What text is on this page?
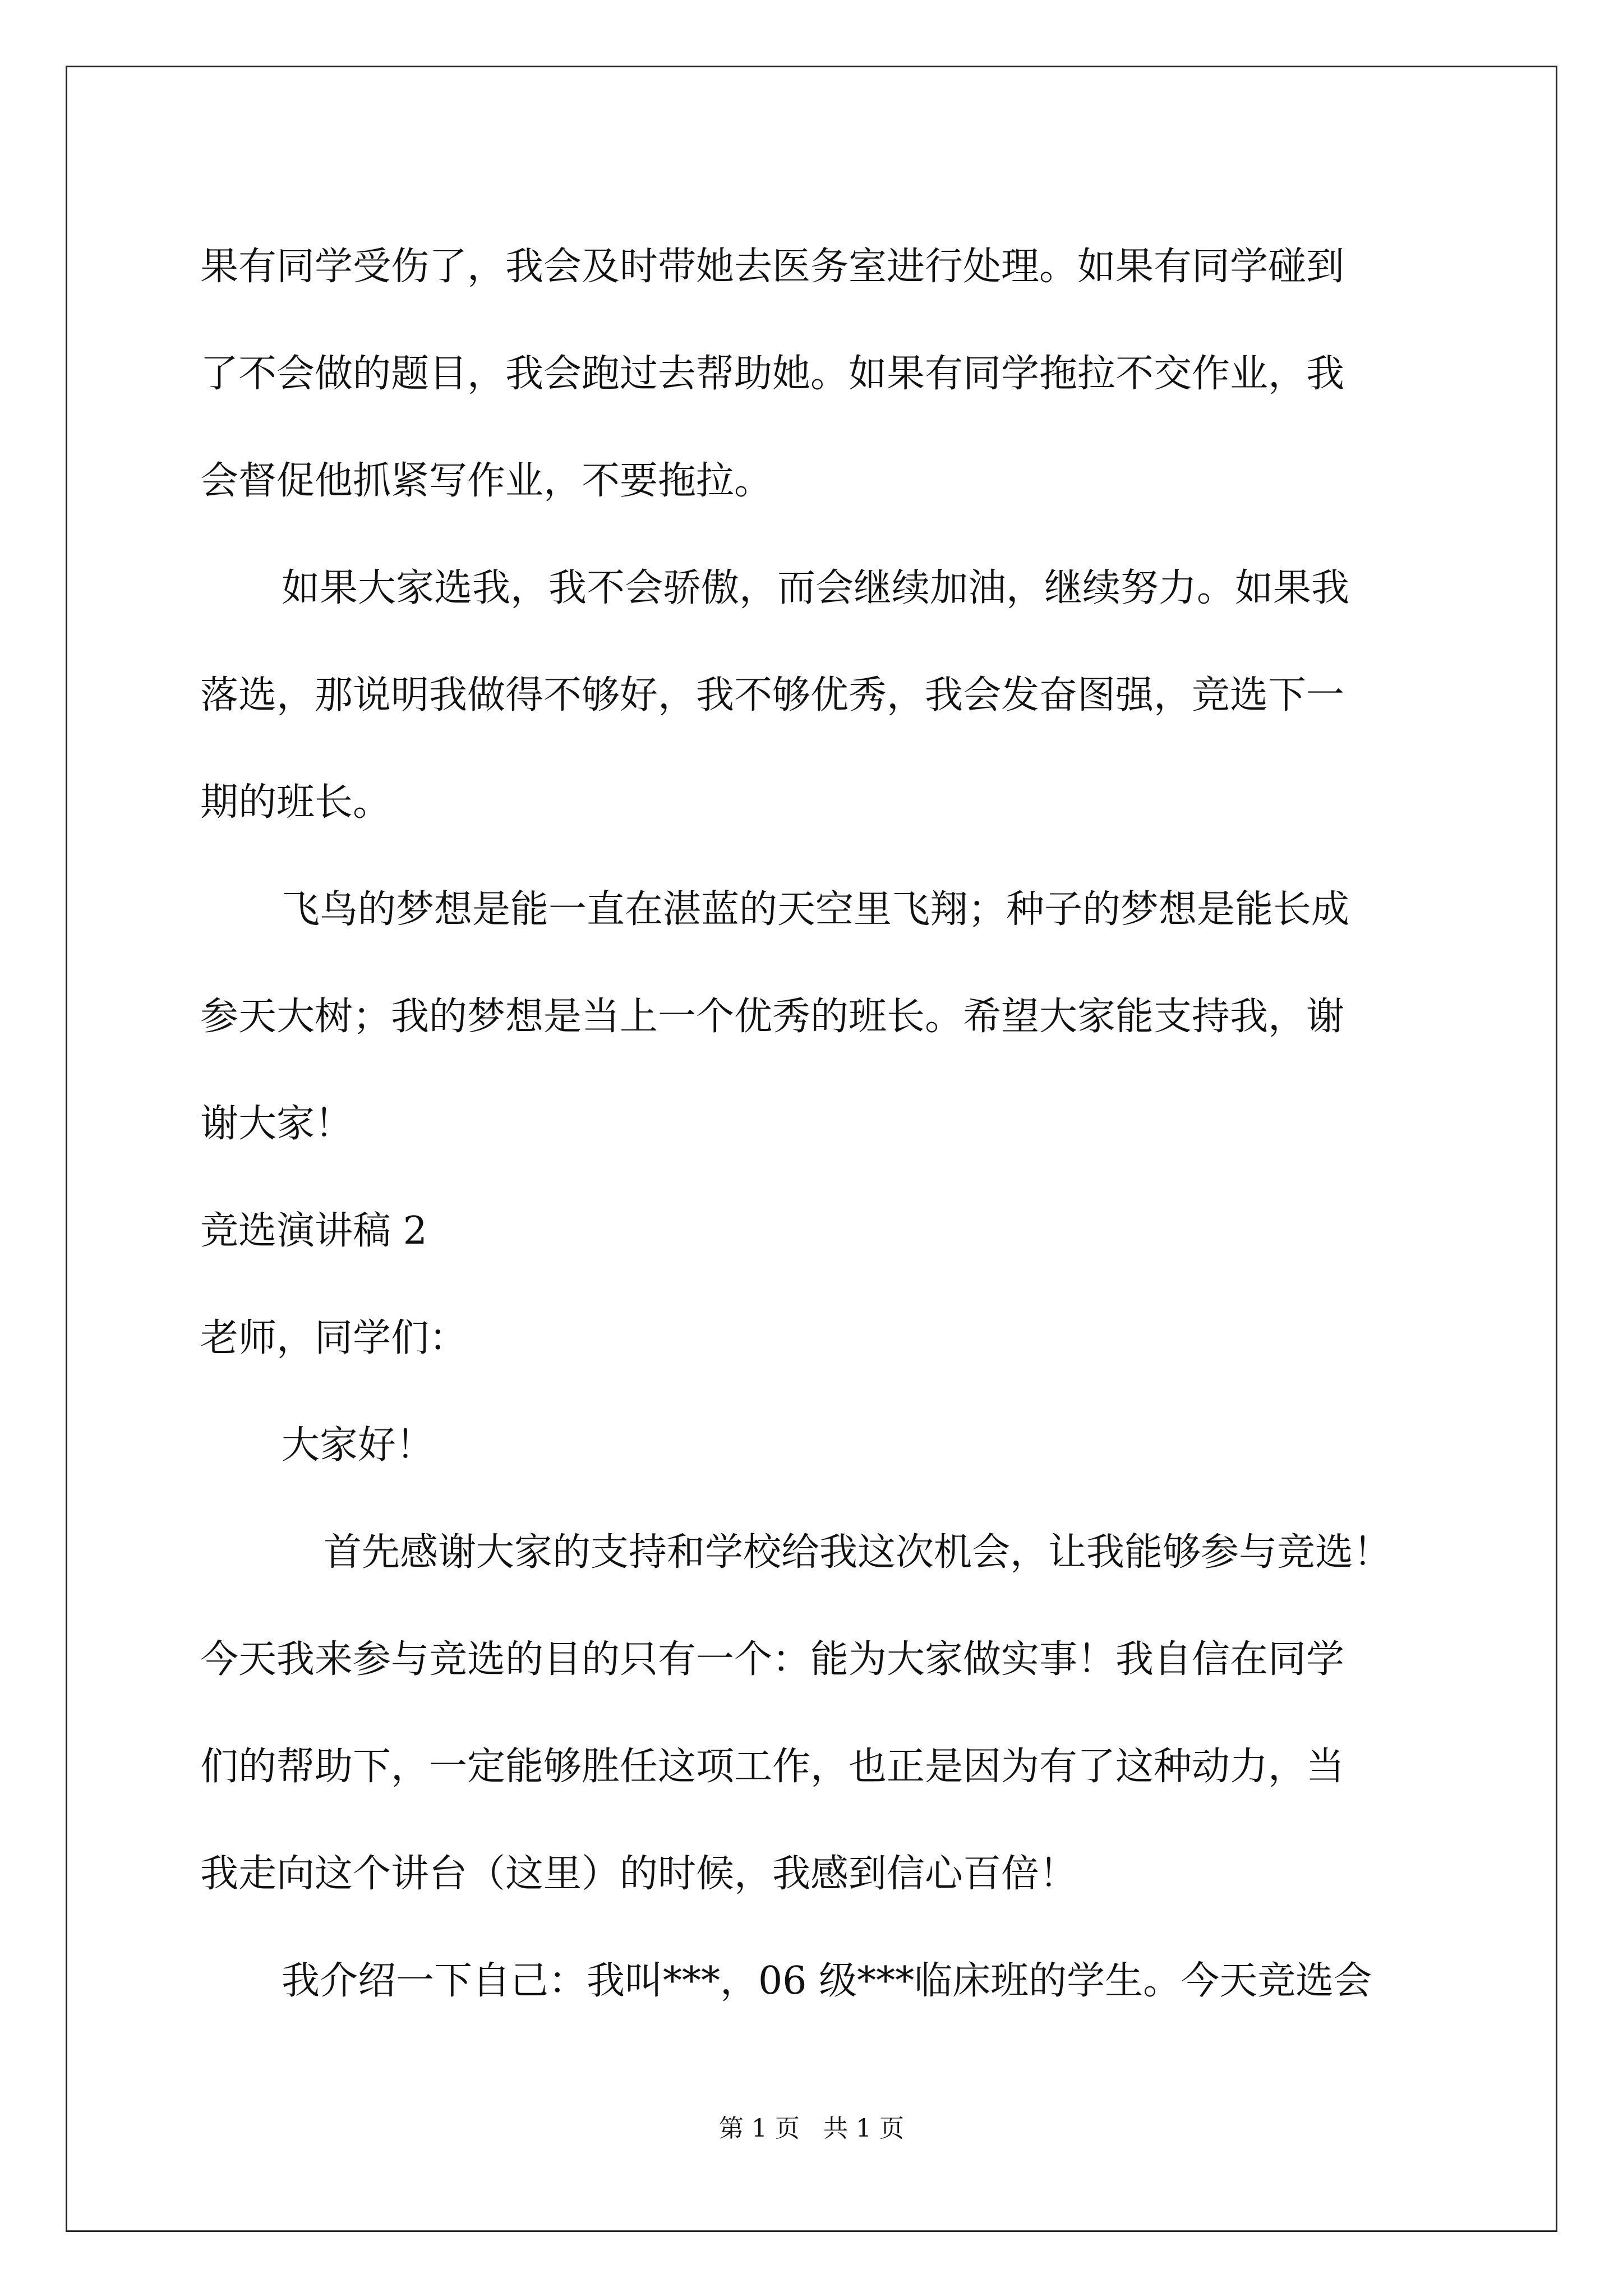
果有同学受伤了，我会及时带她去医务室进行处理。如果有同学碰到
了不会做的题目，我会跑过去帮助她。如果有同学拖拉不交作业，我
会督促他抓紧写作业，不要拖拉。
如果大家选我，我不会骄傲，而会继续加油，继续努力。如果我
落选，那说明我做得不够好，我不够优秀，我会发奋图强，竞选下一
期的班长。
飞鸟的梦想是能一直在湛蓝的天空里飞翔；种子的梦想是能长成
参天大树；我的梦想是当上一个优秀的班长。希望大家能支持我，谢
谢大家！
竞选演讲稿 2
老师，同学们：
大家好！
首先感谢大家的支持和学校给我这次机会，让我能够参与竞选！
今天我来参与竞选的目的只有一个：能为大家做实事！我自信在同学
们的帮助下，一定能够胜任这项工作，也正是因为有了这种动力，当
我走向这个讲台（这里）的时候，我感到信心百倍！
我介绍一下自己：我叫***，06 级***临床班的学生。今天竞选会
第 1 页 共 1 页
